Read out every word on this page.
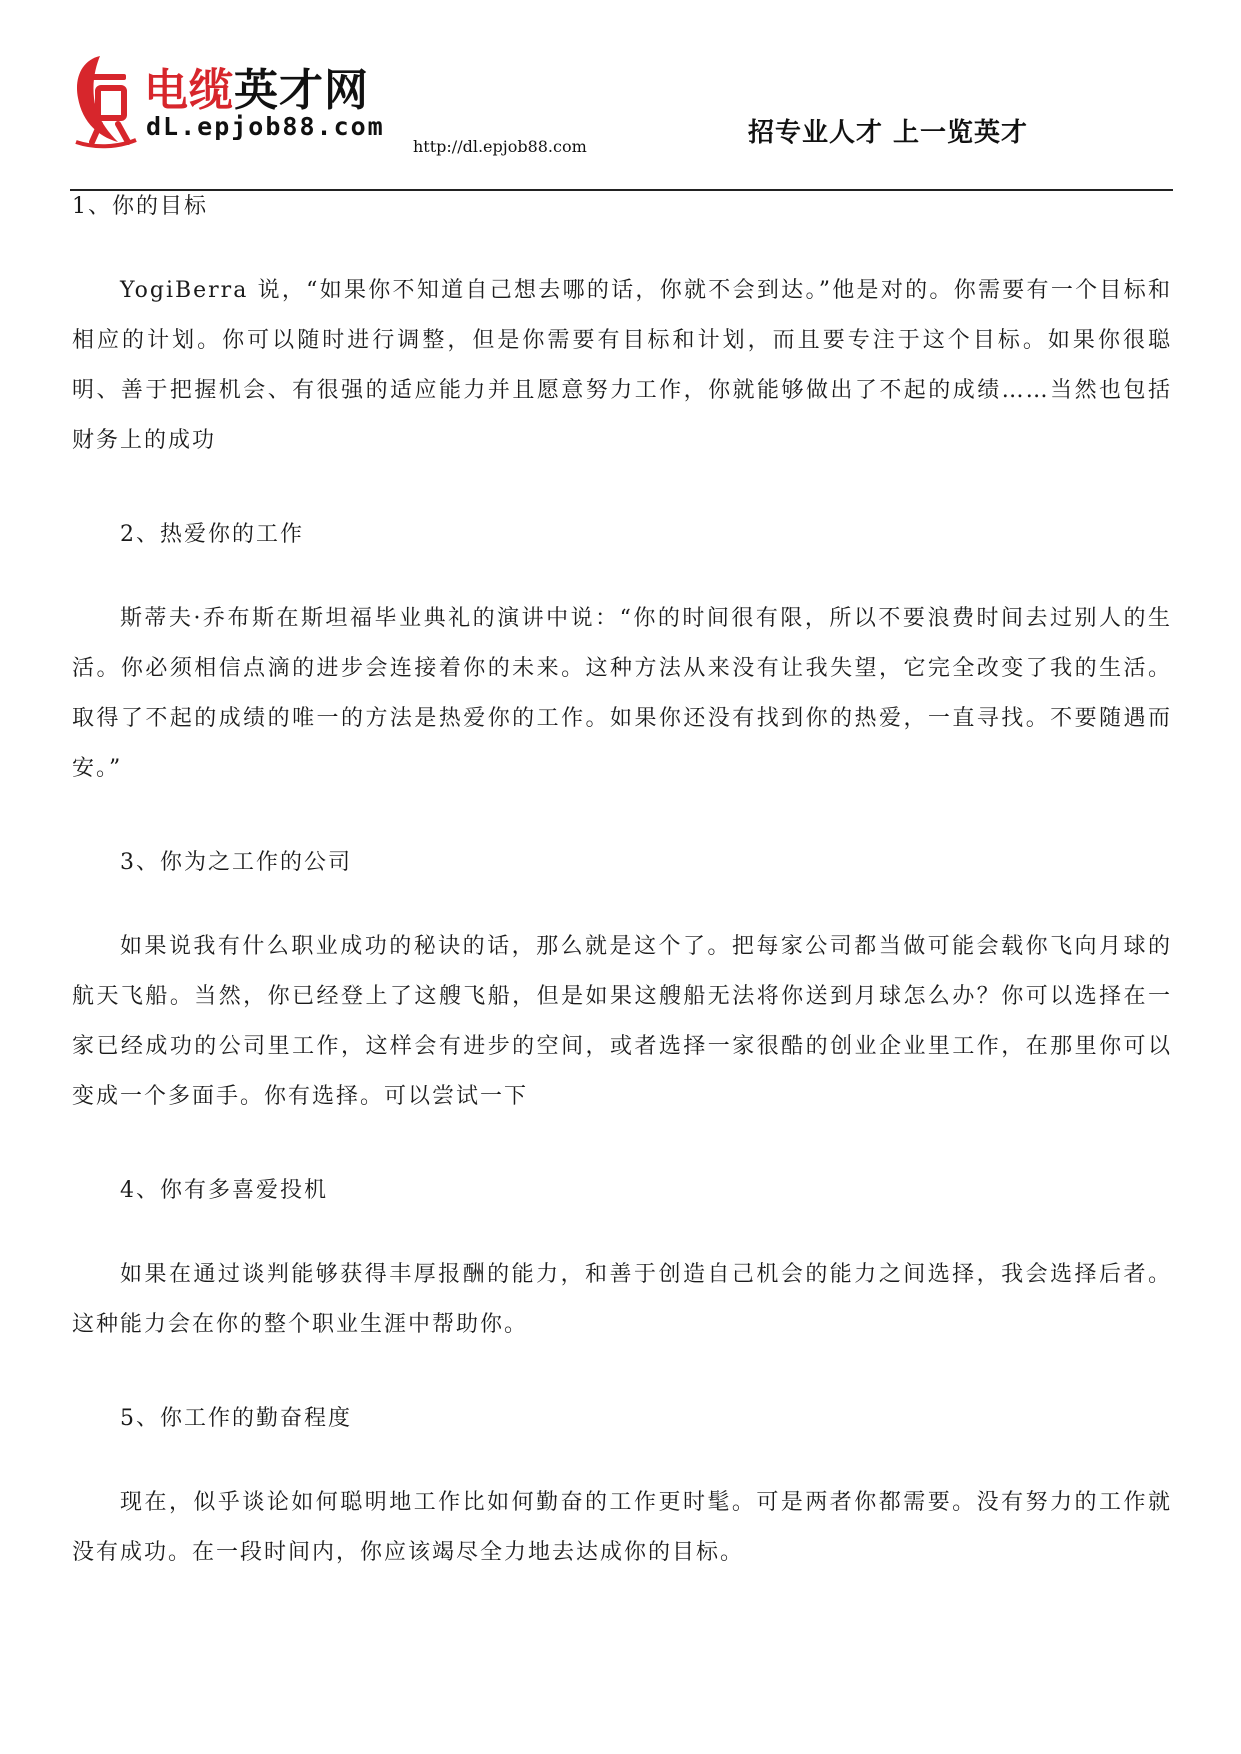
电缆英才网
dL.epjob88.com
http://dl.epjob88.com	招专业人才 上一览英才
1、你的目标

YogiBerra 说，“如果你不知道自己想去哪的话，你就不会到达。”他是对的。你需要有一个目标和相应的计划。你可以随时进行调整，但是你需要有目标和计划，而且要专注于这个目标。如果你很聪明、善于把握机会、有很强的适应能力并且愿意努力工作，你就能够做出了不起的成绩……当然也包括财务上的成功

2、热爱你的工作

斯蒂夫·乔布斯在斯坦福毕业典礼的演讲中说：“你的时间很有限，所以不要浪费时间去过别人的生活。你必须相信点滴的进步会连接着你的未来。这种方法从来没有让我失望，它完全改变了我的生活。取得了不起的成绩的唯一的方法是热爱你的工作。如果你还没有找到你的热爱，一直寻找。不要随遇而安。”

3、你为之工作的公司

如果说我有什么职业成功的秘诀的话，那么就是这个了。把每家公司都当做可能会载你飞向月球的航天飞船。当然，你已经登上了这艘飞船，但是如果这艘船无法将你送到月球怎么办？你可以选择在一家已经成功的公司里工作，这样会有进步的空间，或者选择一家很酷的创业企业里工作，在那里你可以变成一个多面手。你有选择。可以尝试一下

4、你有多喜爱投机

如果在通过谈判能够获得丰厚报酬的能力，和善于创造自己机会的能力之间选择，我会选择后者。这种能力会在你的整个职业生涯中帮助你。

5、你工作的勤奋程度

现在，似乎谈论如何聪明地工作比如何勤奋的工作更时髦。可是两者你都需要。没有努力的工作就没有成功。在一段时间内，你应该竭尽全力地去达成你的目标。
